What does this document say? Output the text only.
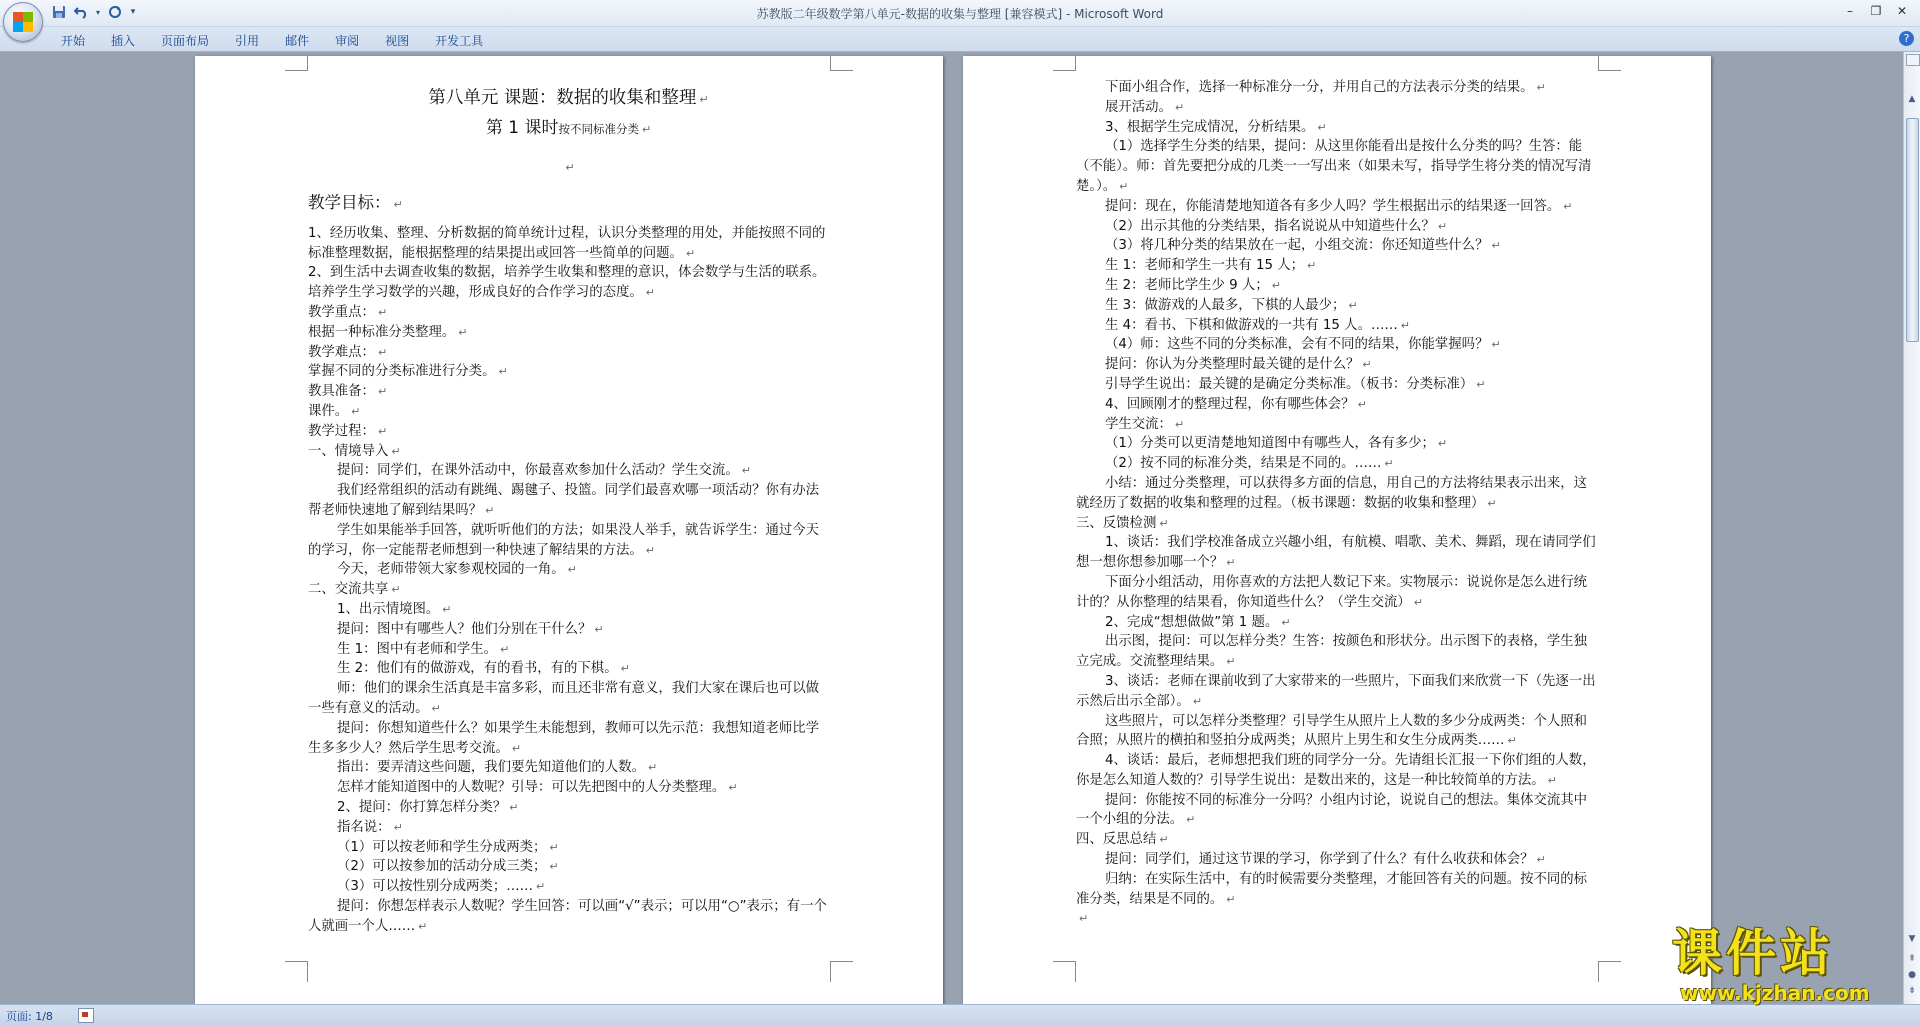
▾	▾	苏教版二年级数学第八单元-数据的收集与整理 [兼容模式] - Microsoft Word	–	❐	✕
开始	插入	页面布局	引用	邮件	审阅	视图	开发工具	?

第八单元 课题：数据的收集和整理 ↵

第 1 课时按不同标准分类 ↵

↵

教学目标： ↵

1、经历收集、整理、分析数据的简单统计过程，认识分类整理的用处，并能按照不同的标准整理数据，能根据整理的结果提出或回答一些简单的问题。 ↵

2、到生活中去调查收集的数据，培养学生收集和整理的意识，体会数学与生活的联系。培养学生学习数学的兴趣，形成良好的合作学习的态度。 ↵

教学重点： ↵

根据一种标准分类整理。 ↵

教学难点： ↵

掌握不同的分类标准进行分类。 ↵

教具准备： ↵

课件。 ↵

教学过程： ↵

一、情境导入 ↵

提问：同学们，在课外活动中，你最喜欢参加什么活动？学生交流。 ↵

我们经常组织的活动有跳绳、踢毽子、投篮。同学们最喜欢哪一项活动？你有办法帮老师快速地了解到结果吗？ ↵

学生如果能举手回答，就听听他们的方法；如果没人举手，就告诉学生：通过今天的学习，你一定能帮老师想到一种快速了解结果的方法。 ↵

今天，老师带领大家参观校园的一角。 ↵

二、交流共享 ↵

1、出示情境图。 ↵

提问：图中有哪些人？他们分别在干什么？ ↵

生 1：图中有老师和学生。 ↵

生 2：他们有的做游戏，有的看书，有的下棋。 ↵

师：他们的课余生活真是丰富多彩，而且还非常有意义，我们大家在课后也可以做一些有意义的活动。 ↵

提问：你想知道些什么？如果学生未能想到，教师可以先示范：我想知道老师比学生多多少人？然后学生思考交流。 ↵

指出：要弄清这些问题，我们要先知道他们的人数。 ↵

怎样才能知道图中的人数呢？引导：可以先把图中的人分类整理。 ↵

2、提问：你打算怎样分类？ ↵

指名说： ↵

（1）可以按老师和学生分成两类； ↵

（2）可以按参加的活动分成三类； ↵

（3）可以按性别分成两类；…… ↵

提问：你想怎样表示人数呢？学生回答：可以画“√”表示；可以用“○”表示；有一个人就画一个人…… ↵

下面小组合作，选择一种标准分一分，并用自己的方法表示分类的结果。 ↵

展开活动。 ↵

3、根据学生完成情况，分析结果。 ↵

（1）选择学生分类的结果，提问：从这里你能看出是按什么分类的吗？生答：能（不能）。师：首先要把分成的几类一一写出来（如果未写，指导学生将分类的情况写清楚。）。 ↵

提问：现在，你能清楚地知道各有多少人吗？学生根据出示的结果逐一回答。 ↵

（2）出示其他的分类结果，指名说说从中知道些什么？ ↵

（3）将几种分类的结果放在一起，小组交流：你还知道些什么？ ↵

生 1：老师和学生一共有 15 人； ↵

生 2：老师比学生少 9 人； ↵

生 3：做游戏的人最多，下棋的人最少； ↵

生 4：看书、下棋和做游戏的一共有 15 人。…… ↵

（4）师：这些不同的分类标准，会有不同的结果，你能掌握吗？ ↵

提问：你认为分类整理时最关键的是什么？ ↵

引导学生说出：最关键的是确定分类标准。（板书：分类标准） ↵

4、回顾刚才的整理过程，你有哪些体会？ ↵

学生交流： ↵

（1）分类可以更清楚地知道图中有哪些人，各有多少； ↵

（2）按不同的标准分类，结果是不同的。…… ↵

小结：通过分类整理，可以获得多方面的信息，用自己的方法将结果表示出来，这就经历了数据的收集和整理的过程。（板书课题：数据的收集和整理） ↵

三、反馈检测 ↵

1、谈话：我们学校准备成立兴趣小组，有航模、唱歌、美术、舞蹈，现在请同学们想一想你想参加哪一个？ ↵

下面分小组活动，用你喜欢的方法把人数记下来。实物展示：说说你是怎么进行统计的？从你整理的结果看，你知道些什么？（学生交流） ↵

2、完成“想想做做”第 1 题。 ↵

出示图，提问：可以怎样分类？生答：按颜色和形状分。出示图下的表格，学生独立完成。交流整理结果。 ↵

3、谈话：老师在课前收到了大家带来的一些照片，下面我们来欣赏一下（先逐一出示然后出示全部）。 ↵

这些照片，可以怎样分类整理？引导学生从照片上人数的多少分成两类：个人照和合照；从照片的横拍和竖拍分成两类；从照片上男生和女生分成两类…… ↵

4、谈话：最后，老师想把我们班的同学分一分。先请组长汇报一下你们组的人数，你是怎么知道人数的？引导学生说出：是数出来的，这是一种比较简单的方法。 ↵

提问：你能按不同的标准分一分吗？小组内讨论，说说自己的想法。集体交流其中一个小组的分法。 ↵

四、反思总结 ↵

提问：同学们，通过这节课的学习，你学到了什么？有什么收获和体会？ ↵

归纳：在实际生活中，有的时候需要分类整理，才能回答有关的问题。按不同的标准分类，结果是不同的。 ↵

↵

▲
▼
⇞
●
⇟
页面: 1/8
课件站
www.kjzhan.com
